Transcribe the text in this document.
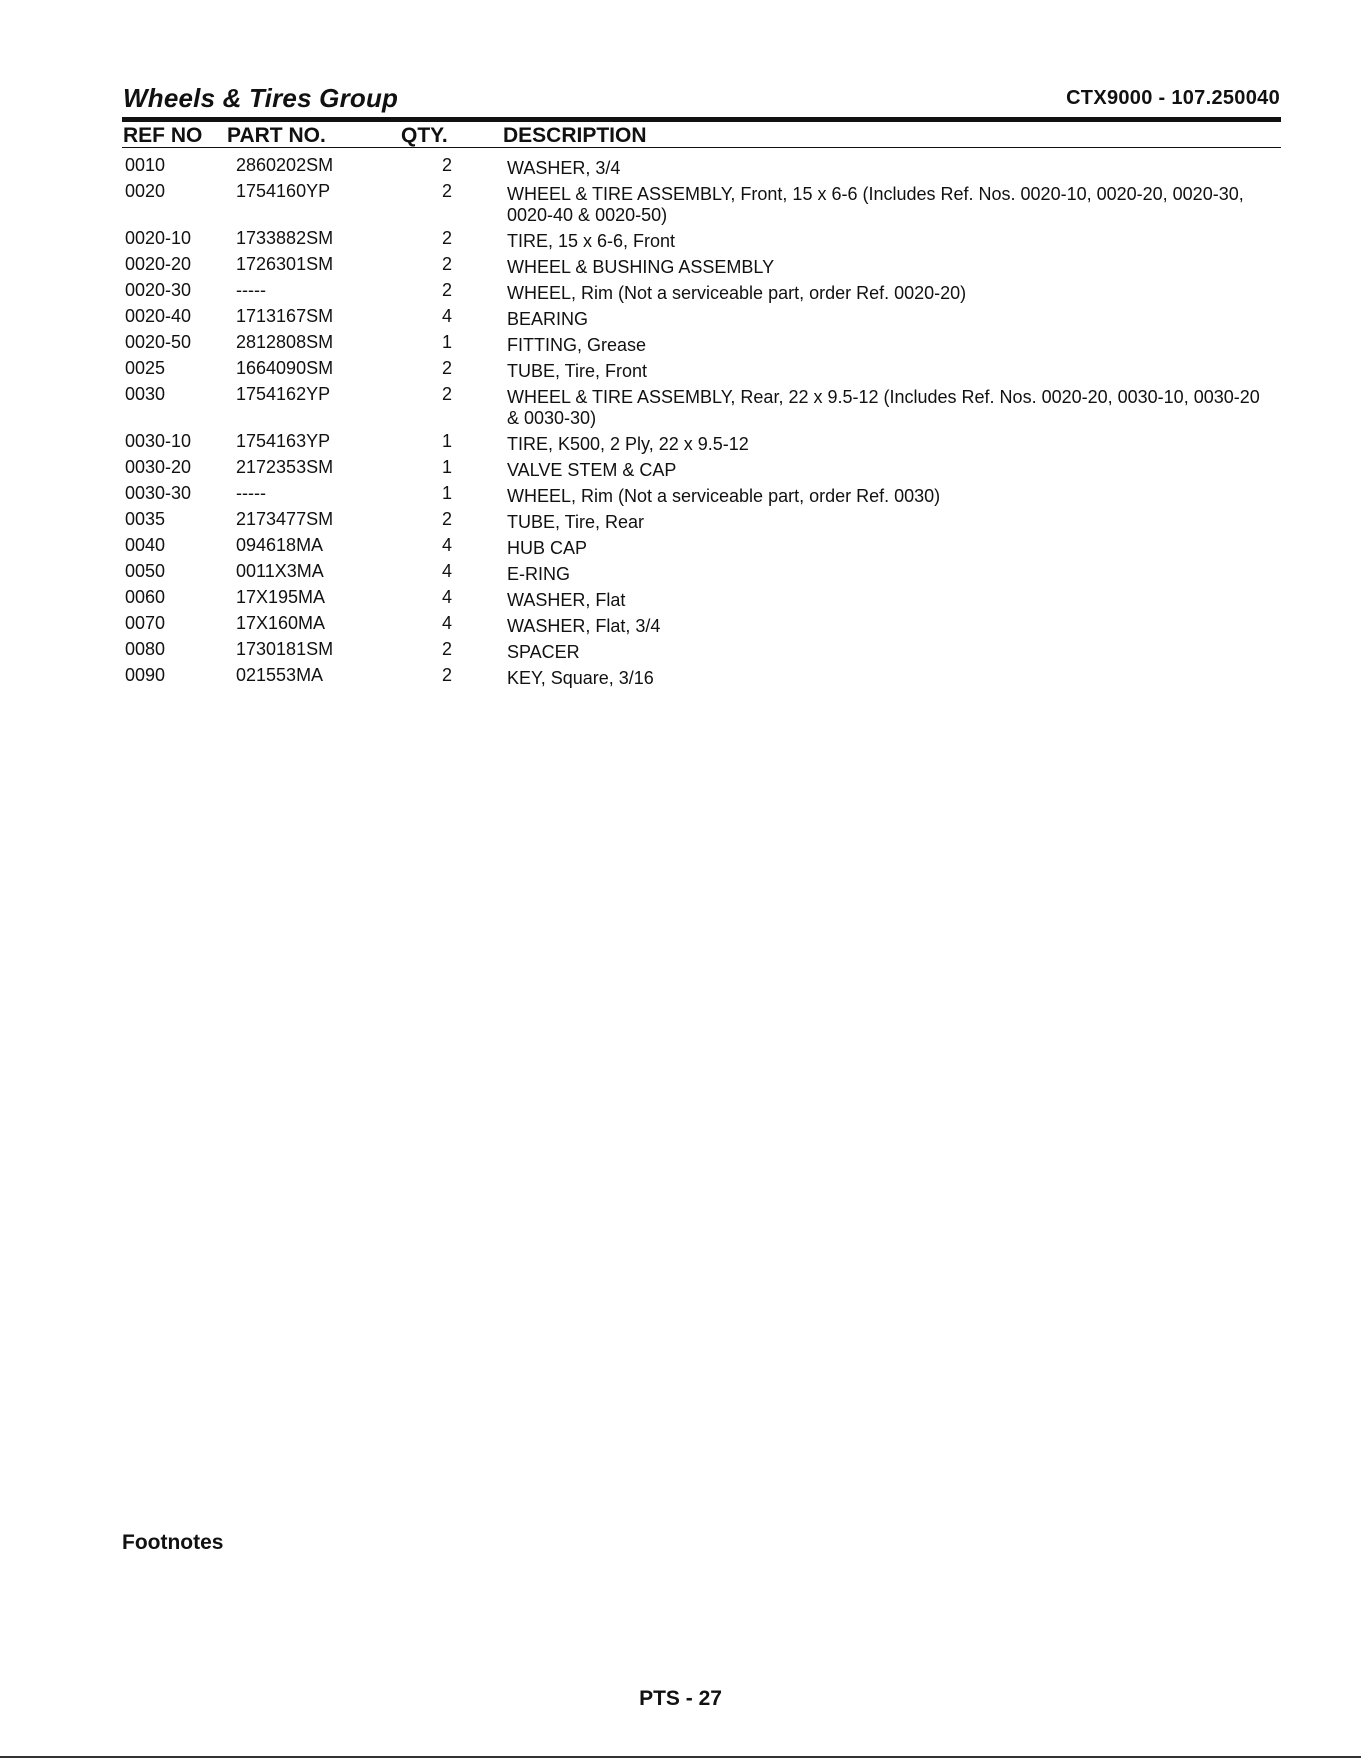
Wheels & Tires Group	CTX9000 - 107.250040
REF NO PART NO.	QTY.	DESCRIPTION
0010	2860202SM	2	WASHER, 3/4
0020	1754160YP	2	WHEEL & TIRE ASSEMBLY, Front, 15 x 6-6 (Includes Ref. Nos. 0020-10, 0020-20, 0020-30, 0020-40 & 0020-50)
0020-10 1733882SM	2	TIRE, 15 x 6-6, Front
0020-20 1726301SM	2	WHEEL & BUSHING ASSEMBLY
0020-30 -----	2	WHEEL, Rim (Not a serviceable part, order Ref. 0020-20)
0020-40 1713167SM	4	BEARING
0020-50 2812808SM	1	FITTING, Grease
0025	1664090SM	2	TUBE, Tire, Front
0030	1754162YP	2	WHEEL & TIRE ASSEMBLY, Rear, 22 x 9.5-12 (Includes Ref. Nos. 0020-20, 0030-10, 0030-20 & 0030-30)
0030-10 1754163YP	1	TIRE, K500, 2 Ply, 22 x 9.5-12
0030-20 2172353SM	1	VALVE STEM & CAP
0030-30 -----	1	WHEEL, Rim (Not a serviceable part, order Ref. 0030)
0035	2173477SM	2	TUBE, Tire, Rear
0040	094618MA	4	HUB CAP
0050	0011X3MA	4	E-RING
0060	17X195MA	4	WASHER, Flat
0070	17X160MA	4	WASHER, Flat, 3/4
0080	1730181SM	2	SPACER
0090	021553MA	2	KEY, Square, 3/16
Footnotes
PTS - 27
